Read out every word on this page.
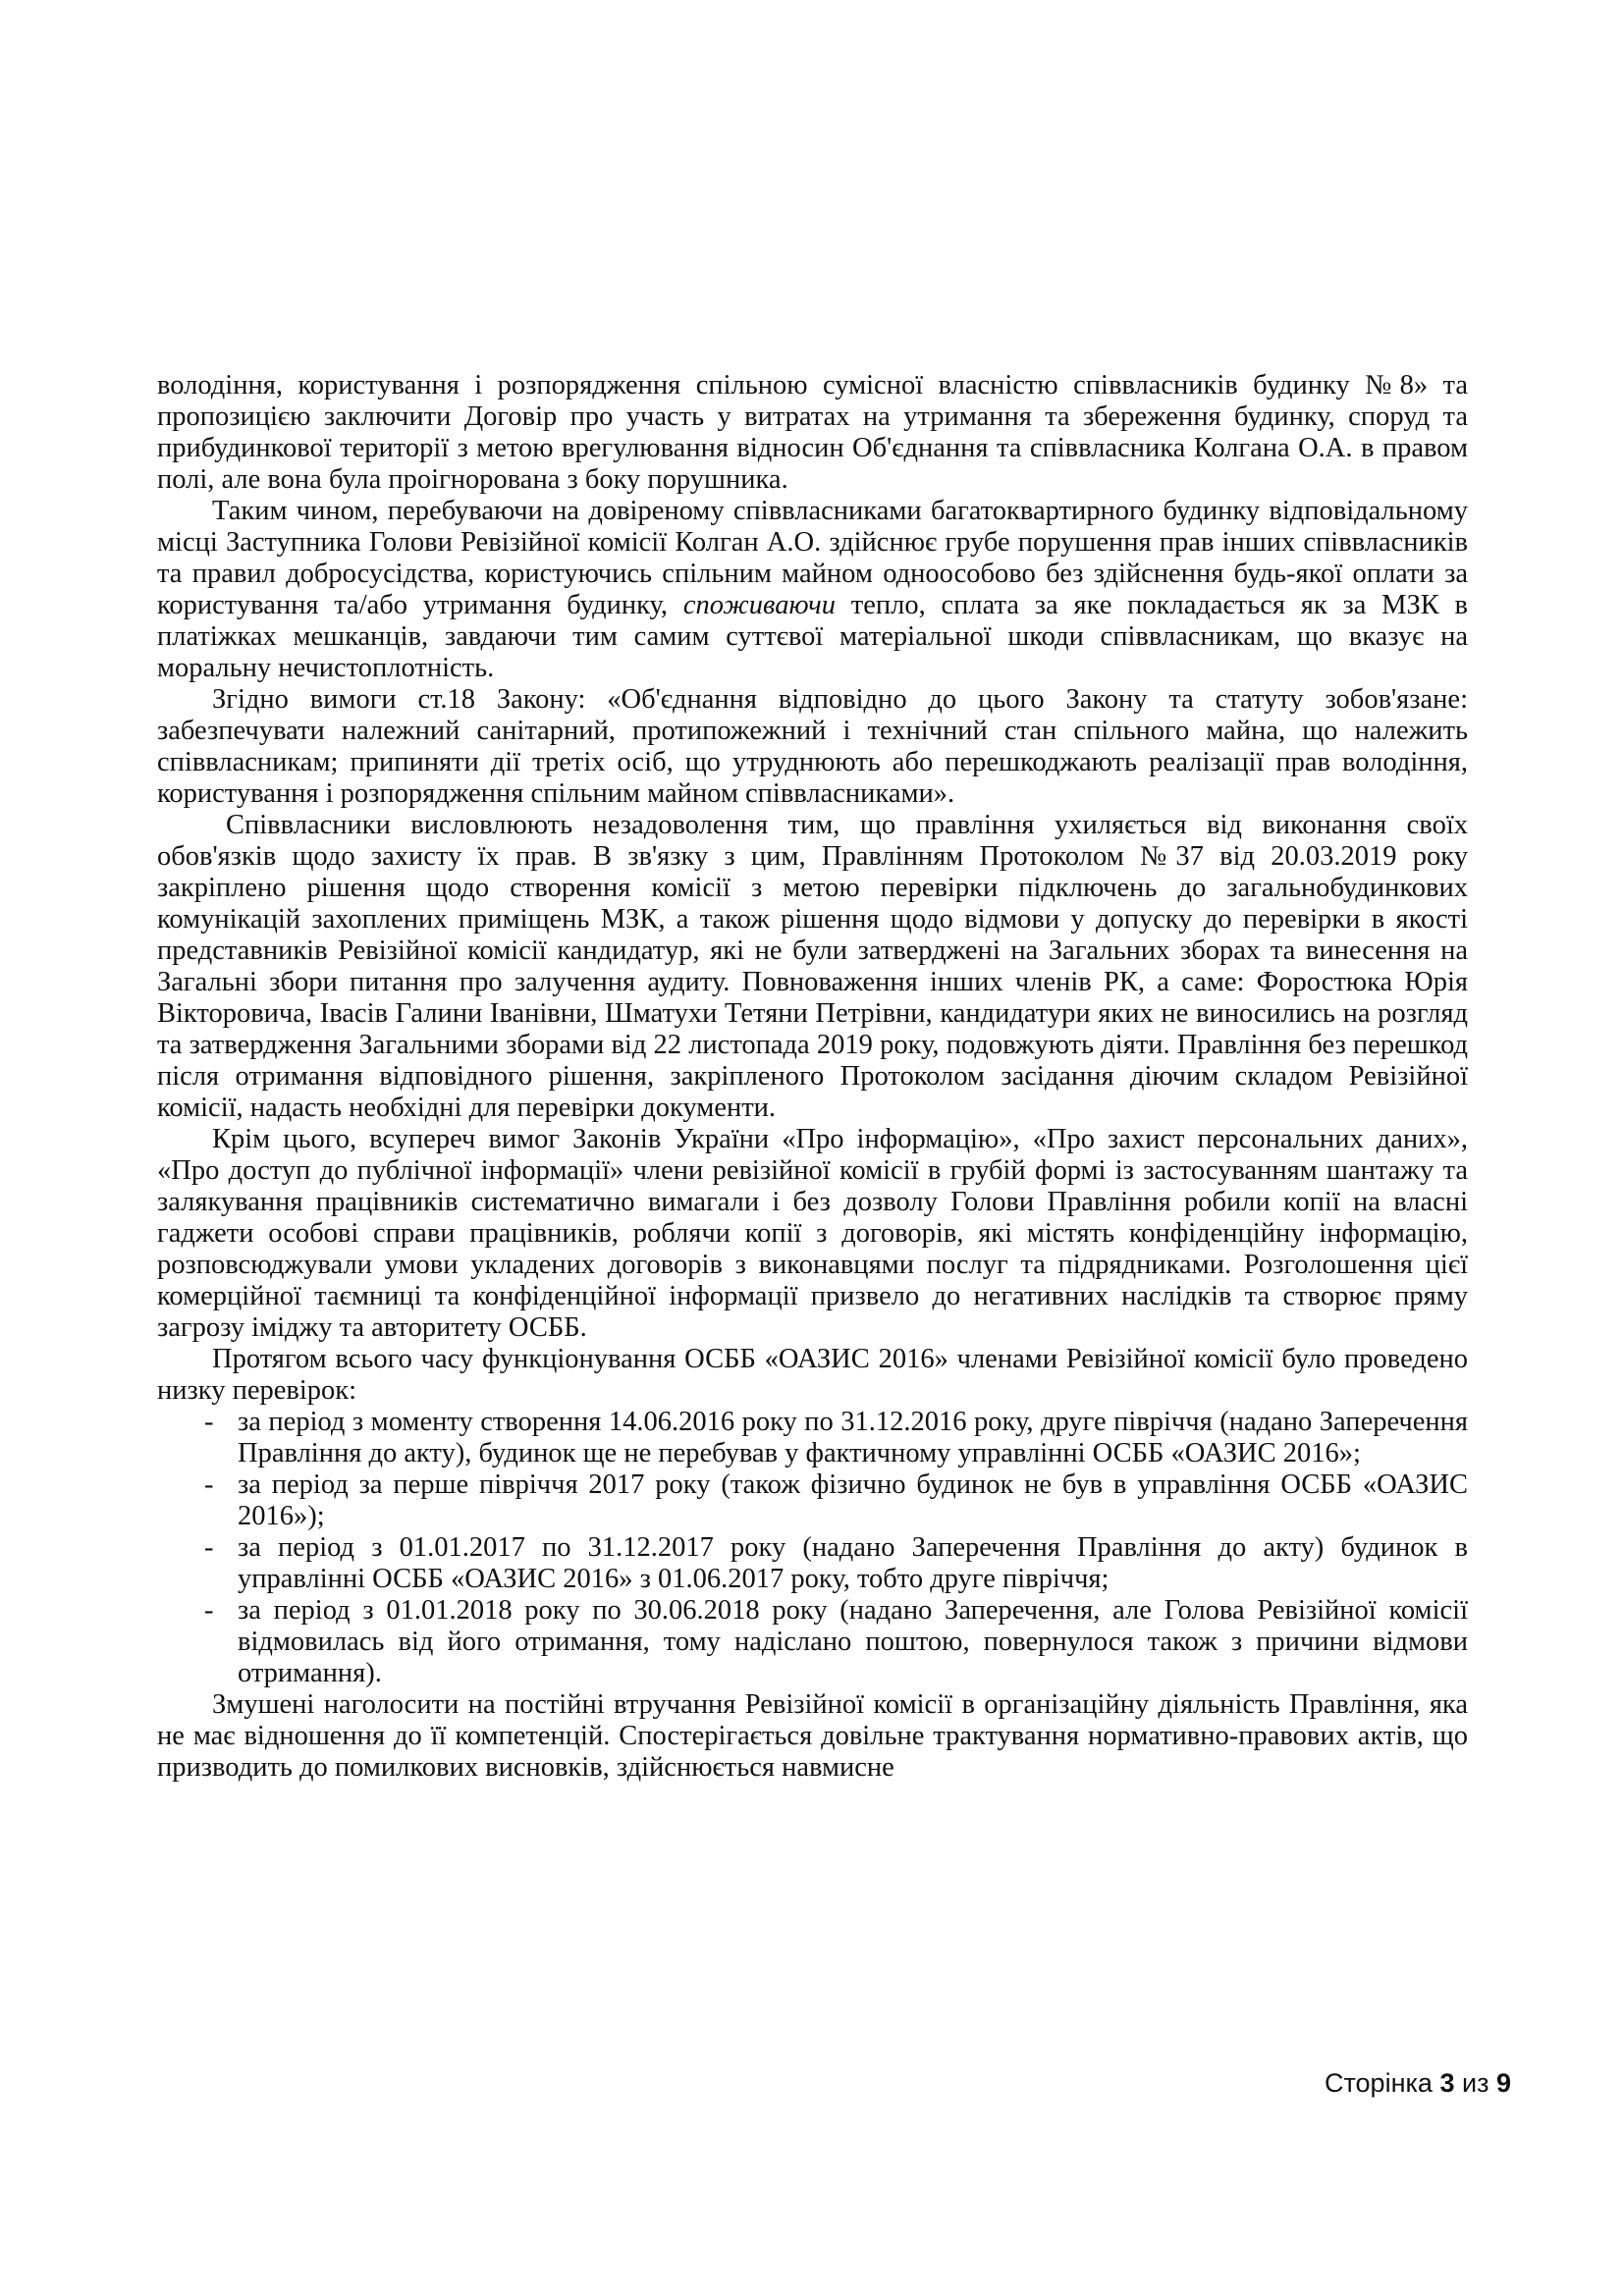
володіння, користування і розпорядження спільною сумісної власністю співвласників будинку №8» та пропозицією заключити Договір про участь у витратах на утримання та збереження будинку, споруд та прибудинкової території з метою врегулювання відносин Об'єднання та співвласника Колгана О.А. в правом полі, але вона була проігнорована з боку порушника.

Таким чином, перебуваючи на довіреному співвласниками багатоквартирного будинку відповідальному місці Заступника Голови Ревізійної комісії Колган А.О. здійснює грубе порушення прав інших співвласників та правил добросусідства, користуючись спільним майном одноособово без здійснення будь-якої оплати за користування та/або утримання будинку, споживаючи тепло, сплата за яке покладається як за МЗК в платіжках мешканців, завдаючи тим самим суттєвої матеріальної шкоди співвласникам, що вказує на моральну нечистоплотність.

Згідно вимоги ст.18 Закону: «Об'єднання відповідно до цього Закону та статуту зобов'язане: забезпечувати належний санітарний, протипожежний і технічний стан спільного майна, що належить співвласникам; припиняти дії третіх осіб, що утруднюють або перешкоджають реалізації прав володіння, користування і розпорядження спільним майном співвласниками».

Співвласники висловлюють незадоволення тим, що правління ухиляється від виконання своїх обов'язків щодо захисту їх прав. В зв'язку з цим, Правлінням Протоколом №37 від 20.03.2019 року закріплено рішення щодо створення комісії з метою перевірки підключень до загальнобудинкових комунікацій захоплених приміщень МЗК, а також рішення щодо відмови у допуску до перевірки в якості представників Ревізійної комісії кандидатур, які не були затверджені на Загальних зборах та винесення на Загальні збори питання про залучення аудиту. Повноваження інших членів РК, а саме: Форостюка Юрія Вікторовича, Івасів Галини Іванівни, Шматухи Тетяни Петрівни, кандидатури яких не виносились на розгляд та затвердження Загальними зборами від 22 листопада 2019 року, подовжують діяти. Правління без перешкод після отримання відповідного рішення, закріпленого Протоколом засідання діючим складом Ревізійної комісії, надасть необхідні для перевірки документи.

Крім цього, всупереч вимог Законів України «Про інформацію», «Про захист персональних даних», «Про доступ до публічної інформації» члени ревізійної комісії в грубій формі із застосуванням шантажу та залякування працівників систематично вимагали і без дозволу Голови Правління робили копії на власні гаджети особові справи працівників, роблячи копії з договорів, які містять конфіденційну інформацію, розповсюджували умови укладених договорів з виконавцями послуг та підрядниками. Розголошення цієї комерційної таємниці та конфіденційної інформації призвело до негативних наслідків та створює пряму загрозу іміджу та авторитету ОСББ.

Протягом всього часу функціонування ОСББ «ОАЗИС 2016» членами Ревізійної комісії було проведено низку перевірок:

- за період з моменту створення 14.06.2016 року по 31.12.2016 року, друге півріччя (надано Заперечення Правління до акту), будинок ще не перебував у фактичному управлінні ОСББ «ОАЗИС 2016»;
- за період за перше півріччя 2017 року (також фізично будинок не був в управління ОСББ «ОАЗИС 2016»);
- за період з 01.01.2017 по 31.12.2017 року (надано Заперечення Правління до акту) будинок в управлінні ОСББ «ОАЗИС 2016» з 01.06.2017 року, тобто друге півріччя;
- за період з 01.01.2018 року по 30.06.2018 року (надано Заперечення, але Голова Ревізійної комісії відмовилась від його отримання, тому надіслано поштою, повернулося також з причини відмови отримання).

Змушені наголосити на постійні втручання Ревізійної комісії в організаційну діяльність Правління, яка не має відношення до її компетенцій. Спостерігається довільне трактування нормативно-правових актів, що призводить до помилкових висновків, здійснюється навмисне

Сторінка 3 из 9
